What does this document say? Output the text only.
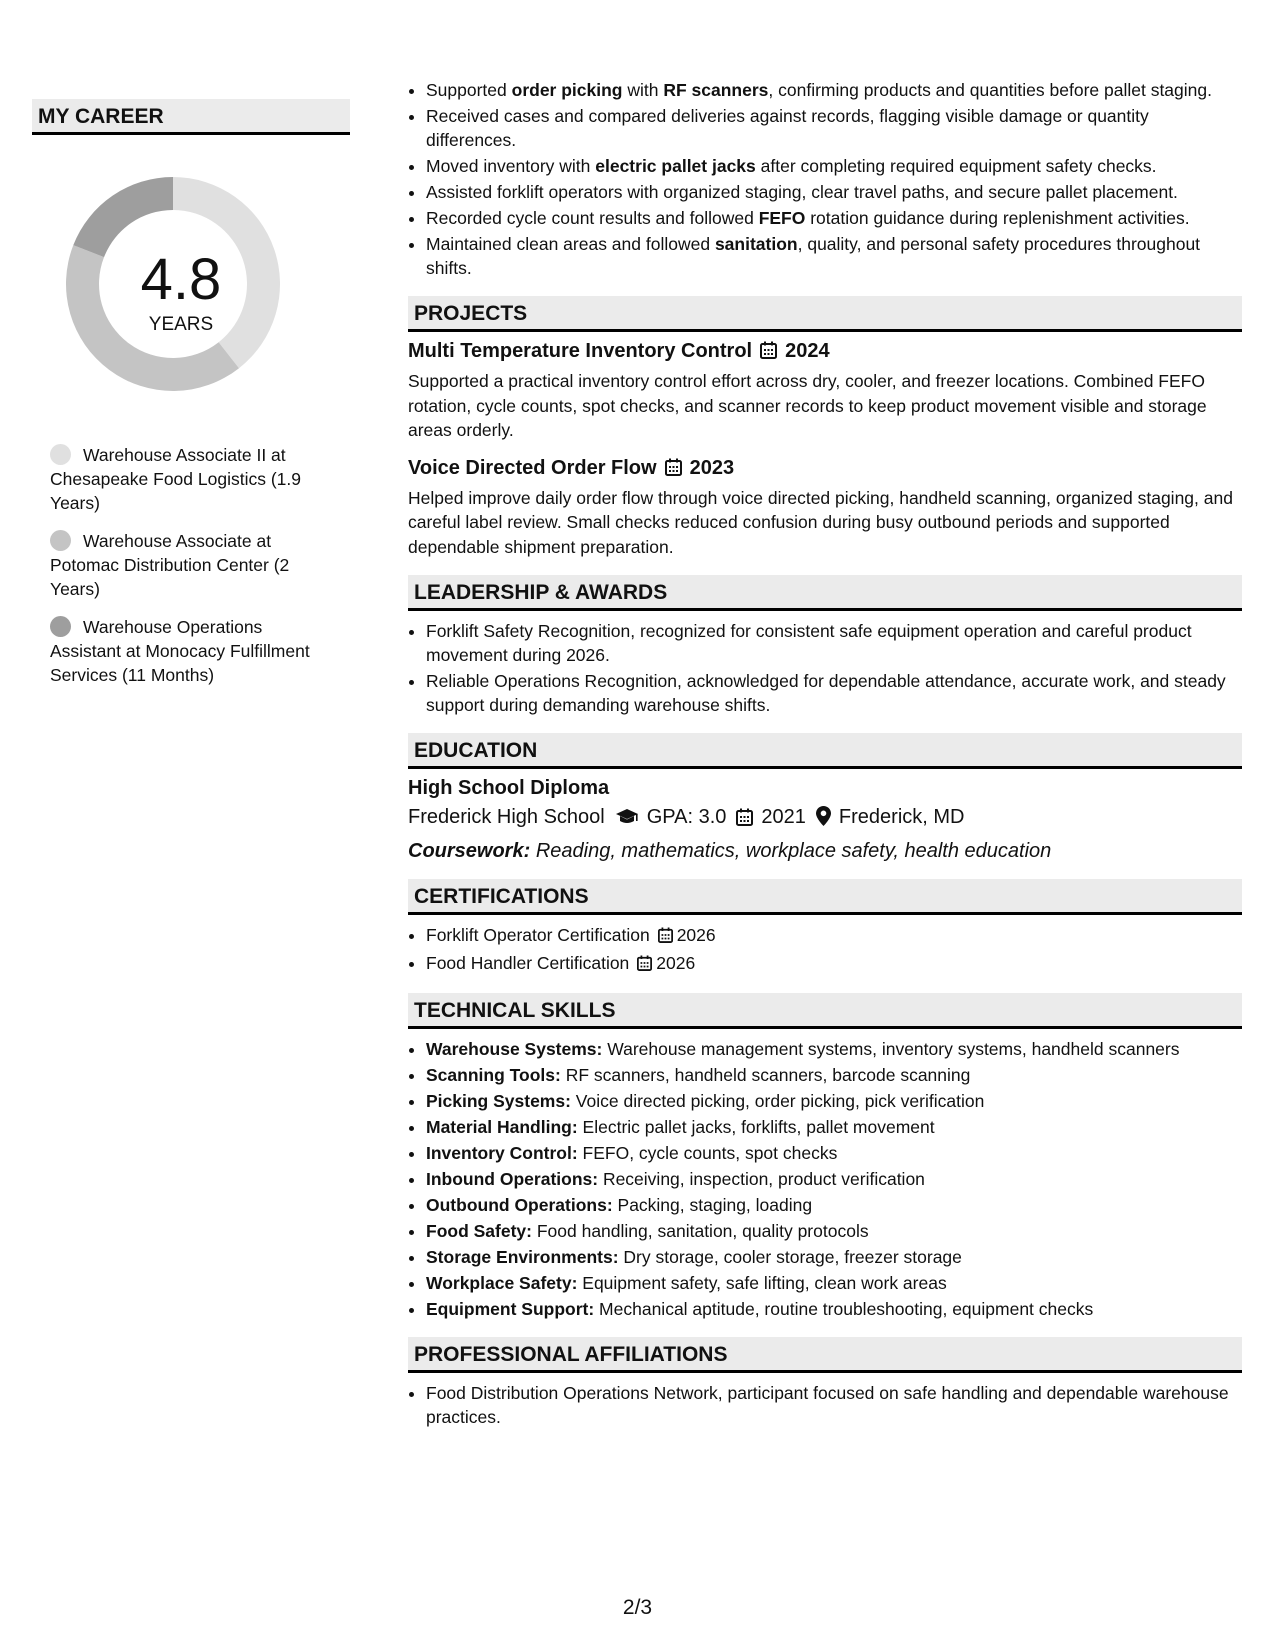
MY CAREER
4.8
YEARS
Warehouse Associate II at Chesapeake Food Logistics (1.9 Years)
Warehouse Associate at Potomac Distribution Center (2 Years)
Warehouse Operations Assistant at Monocacy Fulfillment Services (11 Months)
• Supported order picking with RF scanners, confirming products and quantities before pallet staging.
• Received cases and compared deliveries against records, flagging visible damage or quantity differences.
• Moved inventory with electric pallet jacks after completing required equipment safety checks.
• Assisted forklift operators with organized staging, clear travel paths, and secure pallet placement.
• Recorded cycle count results and followed FEFO rotation guidance during replenishment activities.
• Maintained clean areas and followed sanitation, quality, and personal safety procedures throughout shifts.
PROJECTS
Multi Temperature Inventory Control 2024
Supported a practical inventory control effort across dry, cooler, and freezer locations. Combined FEFO rotation, cycle counts, spot checks, and scanner records to keep product movement visible and storage areas orderly.
Voice Directed Order Flow 2023
Helped improve daily order flow through voice directed picking, handheld scanning, organized staging, and careful label review. Small checks reduced confusion during busy outbound periods and supported dependable shipment preparation.
LEADERSHIP & AWARDS
• Forklift Safety Recognition, recognized for consistent safe equipment operation and careful product movement during 2026.
• Reliable Operations Recognition, acknowledged for dependable attendance, accurate work, and steady support during demanding warehouse shifts.
EDUCATION
High School Diploma
Frederick High School GPA: 3.0 2021 Frederick, MD
Coursework: Reading, mathematics, workplace safety, health education
CERTIFICATIONS
• Forklift Operator Certification 2026
• Food Handler Certification 2026
TECHNICAL SKILLS
• Warehouse Systems: Warehouse management systems, inventory systems, handheld scanners
• Scanning Tools: RF scanners, handheld scanners, barcode scanning
• Picking Systems: Voice directed picking, order picking, pick verification
• Material Handling: Electric pallet jacks, forklifts, pallet movement
• Inventory Control: FEFO, cycle counts, spot checks
• Inbound Operations: Receiving, inspection, product verification
• Outbound Operations: Packing, staging, loading
• Food Safety: Food handling, sanitation, quality protocols
• Storage Environments: Dry storage, cooler storage, freezer storage
• Workplace Safety: Equipment safety, safe lifting, clean work areas
• Equipment Support: Mechanical aptitude, routine troubleshooting, equipment checks
PROFESSIONAL AFFILIATIONS
• Food Distribution Operations Network, participant focused on safe handling and dependable warehouse practices.
2/3
